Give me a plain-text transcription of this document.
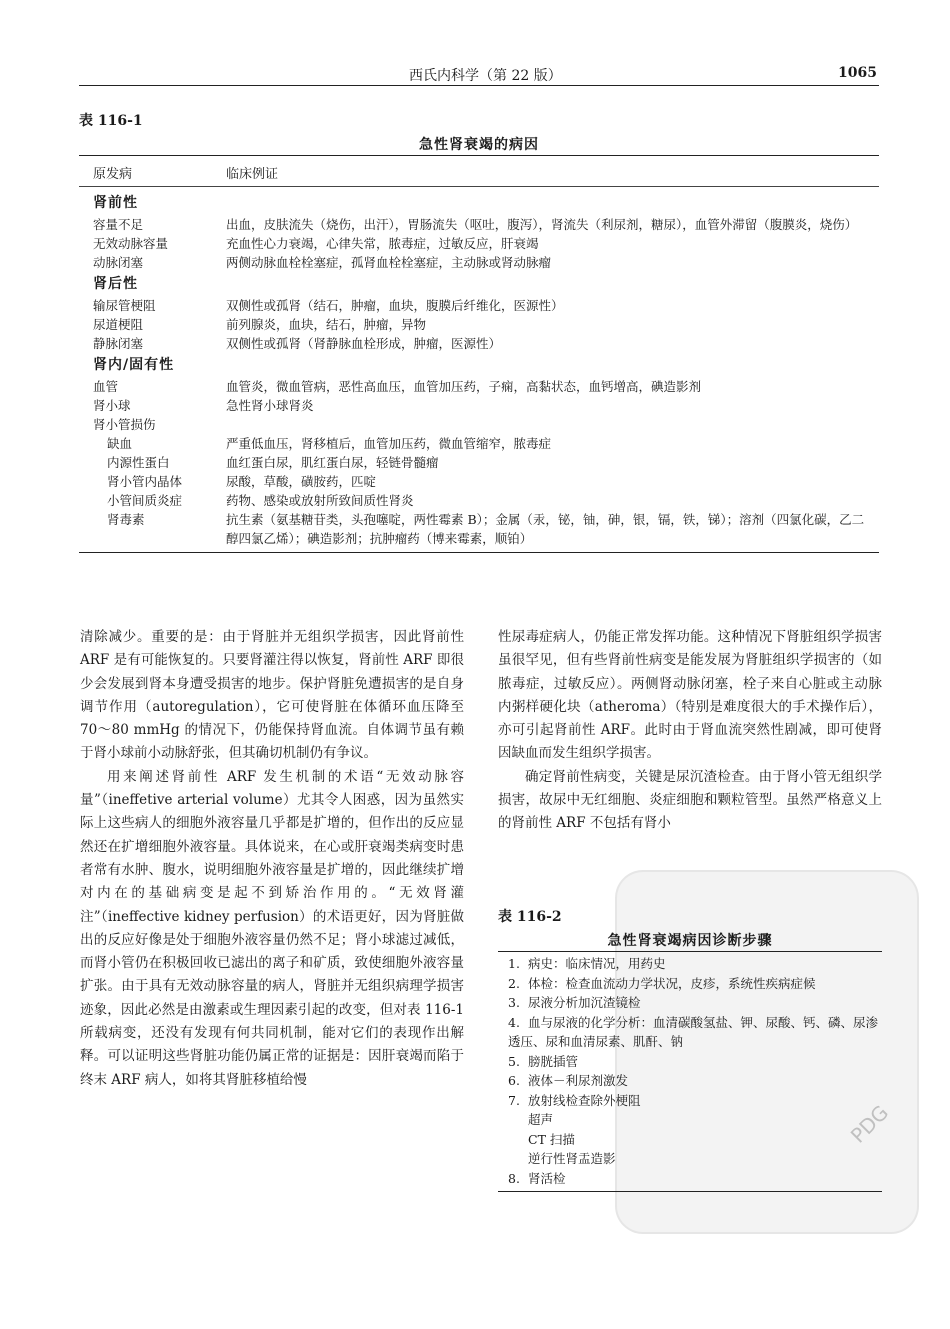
西氏内科学（第 22 版）	1065
表 116-1
急性肾衰竭的病因
原发病	临床例证
肾前性
容量不足	出血，皮肤流失（烧伤，出汗），胃肠流失（呕吐，腹泻），肾流失（利尿剂，糖尿），血管外滞留（腹膜炎，烧伤）
无效动脉容量	充血性心力衰竭，心律失常，脓毒症，过敏反应，肝衰竭
动脉闭塞	两侧动脉血栓栓塞症，孤肾血栓栓塞症，主动脉或肾动脉瘤
肾后性
输尿管梗阻	双侧性或孤肾（结石，肿瘤，血块，腹膜后纤维化，医源性）
尿道梗阻	前列腺炎，血块，结石，肿瘤，异物
静脉闭塞	双侧性或孤肾（肾静脉血栓形成，肿瘤，医源性）
肾内/固有性
血管	血管炎，微血管病，恶性高血压，血管加压药，子痫，高黏状态，血钙增高，碘造影剂
肾小球	急性肾小球肾炎
肾小管损伤

缺血	严重低血压，肾移植后，血管加压药，微血管缩窄，脓毒症
内源性蛋白	血红蛋白尿，肌红蛋白尿，轻链骨髓瘤
肾小管内晶体	尿酸，草酸，磺胺药，匹啶
小管间质炎症	药物、感染或放射所致间质性肾炎
肾毒素	抗生素（氨基糖苷类，头孢噻啶，两性霉素 B）；金属（汞，铋，铀，砷，银，镉，铁，锑）；溶剂（四氯化碳，乙二醇四氯乙烯）；碘造影剂；抗肿瘤药（博来霉素，顺铂）

清除减少。重要的是：由于肾脏并无组织学损害，因此肾前性 ARF 是有可能恢复的。只要肾灌注得以恢复，肾前性 ARF 即很少会发展到肾本身遭受损害的地步。保护肾脏免遭损害的是自身调节作用（autoregulation），它可使肾脏在体循环血压降至 70～80 mmHg 的情况下，仍能保持肾血流。自体调节虽有赖于肾小球前小动脉舒张，但其确切机制仍有争议。

用来阐述肾前性 ARF 发生机制的术语“无效动脉容量”（ineffetive arterial volume）尤其令人困惑，因为虽然实际上这些病人的细胞外液容量几乎都是扩增的，但作出的反应显然还在扩增细胞外液容量。具体说来，在心或肝衰竭类病变时患者常有水肿、腹水，说明细胞外液容量是扩增的，因此继续扩增对内在的基础病变是起不到矫治作用的。“无效肾灌注”（ineffective kidney perfusion）的术语更好，因为肾脏做出的反应好像是处于细胞外液容量仍然不足；肾小球滤过减低，而肾小管仍在积极回收已滤出的离子和矿质，致使细胞外液容量扩张。由于具有无效动脉容量的病人，肾脏并无组织病理学损害迹象，因此必然是由激素或生理因素引起的改变，但对表 116-1 所载病变，还没有发现有何共同机制，能对它们的表现作出解释。可以证明这些肾脏功能仍属正常的证据是：因肝衰竭而陷于终末 ARF 病人，如将其肾脏移植给慢

性尿毒症病人，仍能正常发挥功能。这种情况下肾脏组织学损害虽很罕见，但有些肾前性病变是能发展为肾脏组织学损害的（如脓毒症，过敏反应）。两侧肾动脉闭塞，栓子来自心脏或主动脉内粥样硬化块（atheroma）（特别是难度很大的手术操作后），亦可引起肾前性 ARF。此时由于肾血流突然性剧减，即可使肾因缺血而发生组织学损害。

确定肾前性病变，关键是尿沉渣检查。由于肾小管无组织学损害，故尿中无红细胞、炎症细胞和颗粒管型。虽然严格意义上的肾前性 ARF 不包括有肾小

PDG
表 116-2
急性肾衰竭病因诊断步骤
1. 病史：临床情况，用药史
2. 体检：检查血流动力学状况，皮疹，系统性疾病症候
3. 尿液分析加沉渣镜检
4. 血与尿液的化学分析：血清碳酸氢盐、钾、尿酸、钙、磷、尿渗透压、尿和血清尿素、肌酐、钠
5. 膀胱插管
6. 液体－利尿剂激发
7. 放射线检查除外梗阻
超声
CT 扫描
逆行性肾盂造影
8. 肾活检
